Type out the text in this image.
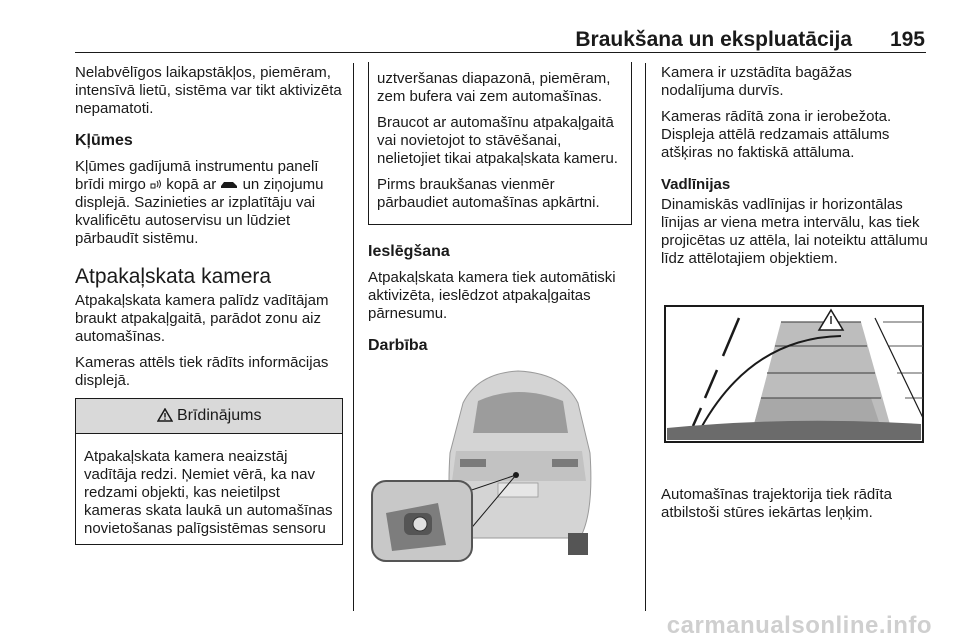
Braukšana un ekspluatācija 195

Nelabvēlīgos laikapstākļos, piemēram, intensīvā lietū, sistēma var tikt aktivizēta nepamatoti.

Kļūmes

Kļūmes gadījumā instrumentu panelī brīdi mirgo kopā ar un ziņojumu displejā. Sazinieties ar izplatītāju vai kvalificētu autoservisu un lūdziet pārbaudīt sistēmu.

Atpakaļskata kamera

Atpakaļskata kamera palīdz vadītājam braukt atpakaļgaitā, parādot zonu aiz automašīnas.

Kameras attēls tiek rādīts informācijas displejā.

Brīdinājums
Atpakaļskata kamera neaizstāj vadītāja redzi. Ņemiet vērā, ka nav redzami objekti, kas neietilpst kameras skata laukā un automašīnas novietošanas palīgsistēmas sensoru

uztveršanas diapazonā, piemēram, zem bufera vai zem automašīnas.

Braucot ar automašīnu atpakaļgaitā vai novietojot to stāvēšanai, nelietojiet tikai atpakaļskata kameru.

Pirms braukšanas vienmēr pārbaudiet automašīnas apkārtni.

Ieslēgšana

Atpakaļskata kamera tiek automātiski aktivizēta, ieslēdzot atpakaļgaitas pārnesumu.

Darbība

Kamera ir uzstādīta bagāžas nodalījuma durvīs.

Kameras rādītā zona ir ierobežota. Displeja attēlā redzamais attālums atšķiras no faktiskā attāluma.

Vadlīnijas

Dinamiskās vadlīnijas ir horizontālas līnijas ar viena metra intervālu, kas tiek projicētas uz attēla, lai noteiktu attālumu līdz attēlotajiem objektiem.

Automašīnas trajektorija tiek rādīta atbilstoši stūres iekārtas leņķim.

carmanualsonline.info
